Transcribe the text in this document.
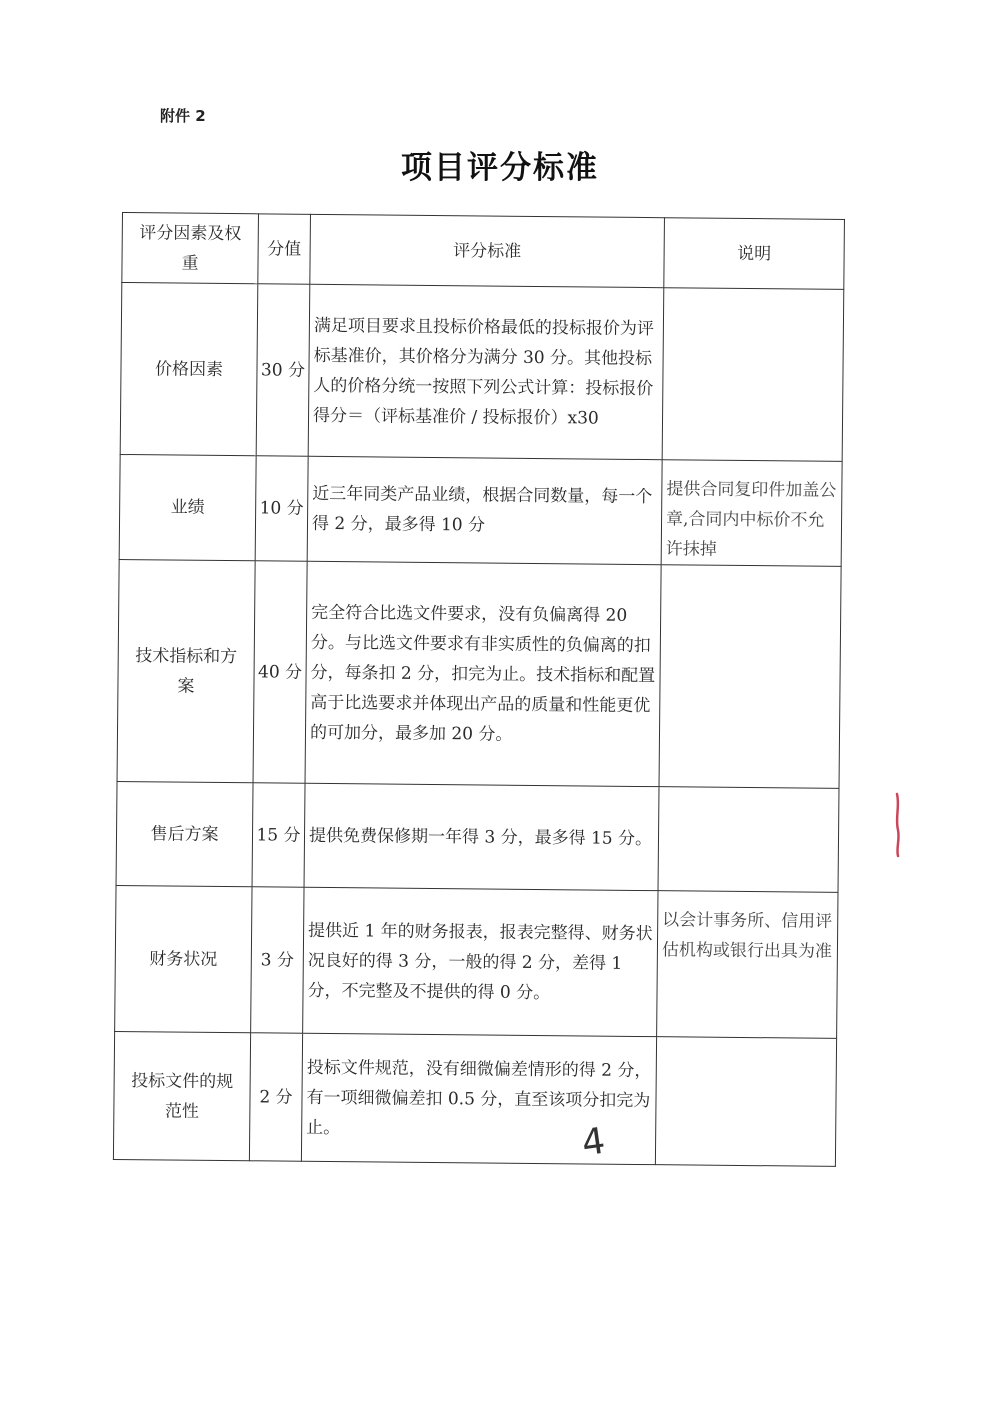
附件 2
项目评分标准
评分因素及权重	分值	评分标准	说明
价格因素	30 分	满足项目要求且投标价格最低的投标报价为评标基准价，其价格分为满分 30 分。其他投标人的价格分统一按照下列公式计算：投标报价得分＝（评标基准价 / 投标报价）x30	
业绩	10 分	近三年同类产品业绩，根据合同数量，每一个得 2 分，最多得 10 分	提供合同复印件加盖公章,合同内中标价不允许抹掉
技术指标和方案	40 分	完全符合比选文件要求，没有负偏离得 20 分。与比选文件要求有非实质性的负偏离的扣分，每条扣 2 分，扣完为止。技术指标和配置高于比选要求并体现出产品的质量和性能更优的可加分，最多加 20 分。	
售后方案	15 分	提供免费保修期一年得 3 分，最多得 15 分。	
财务状况	3 分	提供近 1 年的财务报表，报表完整得、财务状况良好的得 3 分，一般的得 2 分，差得 1 分，不完整及不提供的得 0 分。	以会计事务所、信用评估机构或银行出具为准
投标文件的规范性	2 分	投标文件规范，没有细微偏差情形的得 2 分，有一项细微偏差扣 0.5 分，直至该项分扣完为止。		4
